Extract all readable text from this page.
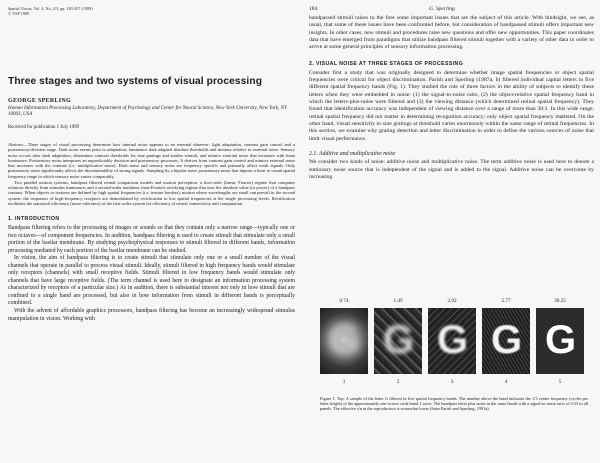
Spatial Vision, Vol. 4, No. 2/3, pp. 183-207 (1989)
© VSP 1989
Three stages and two systems of visual processing
GEORGE SPERLING
Human Information Processing Laboratory, Department of Psychology and Center for Neural Science, New York University, New York, NY 10003, USA
Received for publication 1 July 1989

Abstract—Three stages of visual processing determine how internal noise appears to an external observer: light adaptation, contrast gain control and a postsensory/decision stage. Dark noise seems prior to adaptation; luminance dark adapted absolute thresholds and minima relative to external noise. Sensory noise occurs after dark adaptation, determines contrast thresholds for sine gratings and similar stimuli, and mimics external noise that increases with luma luminance. Postsensory noise interposes an unpredictably decision and postsensory processes. It derives from contrast gain control and mimics external noise that increases with the contrast (i.e. multiplicative noise). Dark noise and sensory noise are frequency specific and primarily affect weak signals. Only postsensory noise significantly affects the discriminability of strong signals. Sampling by a bipolar noise postsensory noise that impose a limit to visual spatial frequency range in which sensory noise varies comparably.

Two parallel motion systems, bandpass filtered retinal comparison models and motion perception: a first-order (linear, Fourier) regime that computes relations directly from stimulus luminance, and a second-order nonlinear (non-Fourier) rectifying regime that uses the absolute value (or power) of a bandpass contrast. When objects or textures are defined by high spatial frequencies (i.e. texture borders), motion where wavelengths are small can prevail in the second system: the responses of high-frequency receptors are demodulated by rectification to low spatial frequencies at the single processing levels. Rectification facilitates the statistical efficiency (noise tolerance) of the first-order system for efficiency of neural connectivity and computation.

1. INTRODUCTION

Bandpass filtering refers to the processing of images or sounds so that they contain only a narrow range—typically one or two octaves—of component frequencies. In audition, bandpass filtering is used to create stimuli that stimulate only a small portion of the basilar membrane. By studying psychophysical responses to stimuli filtered in different bands, information processing mediated by each portion of the basilar membrane can be studied.

In vision, the aim of bandpass filtering is to create stimuli that stimulate only one or a small number of the visual channels that operate in parallel to process visual stimuli. Ideally, stimuli filtered in high frequency bands would stimulate only receptors (channels) with small receptive fields. Stimuli filtered in low frequency bands would stimulate only channels that have large receptive fields. (The term channel is used here to designate an information processing system characterized by receptors of a particular size.) As in audition, there is substantial interest not only in how stimuli that are confined to a single band are processed, but also in how information from stimuli in different bands is perceptually combined.

With the advent of affordable graphics processors, bandpass filtering has become an increasingly widespread stimulus manipulation in vision. Working with

184	G. Sperling

bandpassed stimuli raises to the fore some important issues that are the subject of this article. With hindsight, we see, as usual, that some of these issues have been confronted before, but consideration of bandpassed stimuli offers important new insights. In other cases, new stimuli and procedures raise new questions and offer new opportunities. This paper coordinates data that have emerged from paradigms that utilize bandpass filtered stimuli together with a variety of other data in order to arrive at some general principles of sensory information processing.

2. VISUAL NOISE AT THREE STAGES OF PROCESSING

Consider first a study that was originally designed to determine whether image spatial frequencies or object spatial frequencies were critical for object discrimination. Parish and Sperling (1987a, b) filtered individual capital letters in five different spatial frequency bands (Fig. 1). They studied the role of three factors in the ability of subjects to identify these letters when they were embedded in noise: (1) the signal-to-noise ratio, (2) the object-relative spatial frequency band in which the letters-plus-noise were filtered and (3) the viewing distance (which determined retinal spatial frequency). They found that identification accuracy was independent of viewing distance over a range of more than 30:1. In this wide range, retinal spatial frequency did not matter in determining recognition accuracy; only object spatial frequency mattered. On the other hand, visual sensitivity to sine gratings at threshold varies enormously within the same range of retinal frequencies. In this section, we examine why grating detection and letter discrimination in order to define the various sources of noise that limit visual performance.

2.1. Additive and multiplicative noise

We consider two kinds of noise: additive noise and multiplicative noise. The term additive noise is used here to denote a stationary noise source that is independent of the signal and is added to the signal. Additive noise can be overcome by increasing

0.74	1.49	2.92	5.77	36.25
G G G G G
1	2	3	4	5
Figure 1. Top: A sample of the letter G filtered in five spatial frequency bands. The number above the band indicates the 1/3 center frequency (cycles per letter height) of the approximately one-octave wide band. Lower: The bandpass letter plus noise in the same bands with a signal-to-noise ratio of 0.53 in all panels. The effective s/n in the reproduction is somewhat lower (from Parish and Sperling, 1991a).
